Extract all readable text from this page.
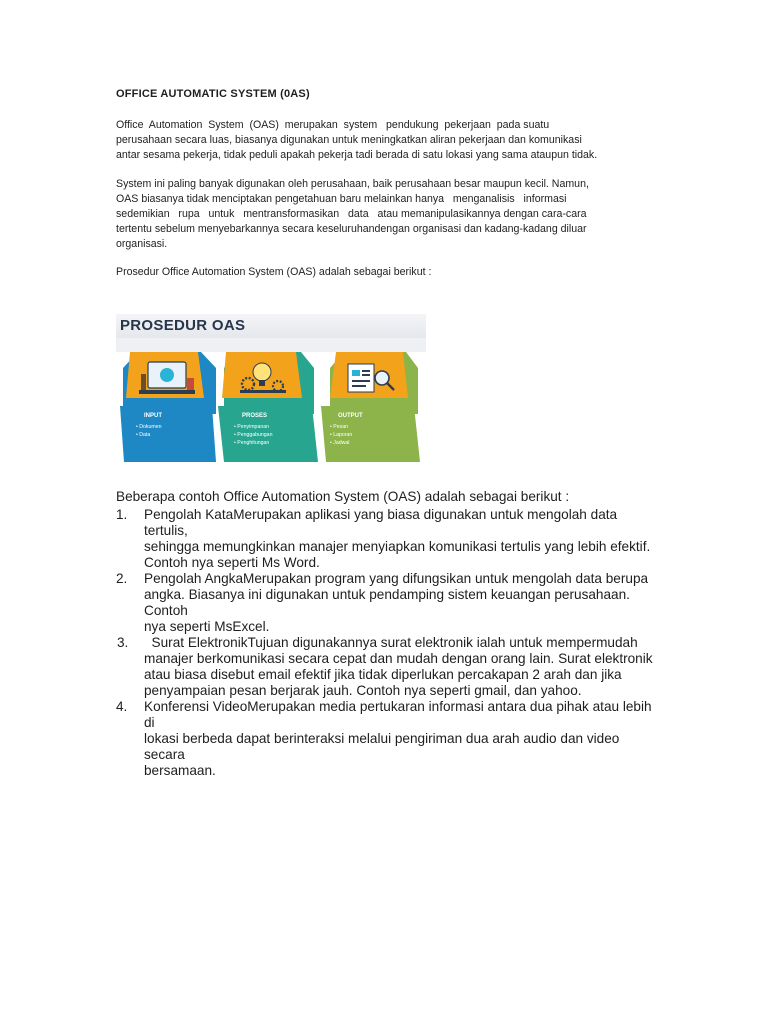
OFFICE AUTOMATIC SYSTEM (0AS)
Office  Automation  System  (OAS)  merupakan  system   pendukung  pekerjaan  pada suatu
perusahaan secara luas, biasanya digunakan untuk meningkatkan aliran pekerjaan dan komunikasi
antar sesama pekerja, tidak peduli apakah pekerja tadi berada di satu lokasi yang sama ataupun tidak.
System ini paling banyak digunakan oleh perusahaan, baik perusahaan besar maupun kecil. Namun,
OAS biasanya tidak menciptakan pengetahuan baru melainkan hanya   menganalisis   informasi
sedemikian   rupa   untuk   mentransformasikan   data   atau memanipulasikannya dengan cara-cara
tertentu sebelum menyebarkannya secara keseluruhandengan organisasi dan kadang-kadang diluar
organisasi.
Prosedur Office Automation System (OAS) adalah sebagai berikut :
PROSEDUR OAS
INPUT
• Dokumen
• Data
PROSES
• Penyimpanan
• Penggabungan
• Penghitungan
OUTPUT
• Pesan
• Laporan
• Jadwal
Beberapa contoh Office Automation System (OAS) adalah sebagai berikut :
1. Pengolah KataMerupakan aplikasi yang biasa digunakan untuk mengolah data tertulis,
sehingga memungkinkan manajer menyiapkan komunikasi tertulis yang lebih efektif.
Contoh nya seperti Ms Word.
2. Pengolah AngkaMerupakan program yang difungsikan untuk mengolah data berupa
angka. Biasanya ini digunakan untuk pendamping sistem keuangan perusahaan. Contoh
nya seperti MsExcel.
3. Surat ElektronikTujuan digunakannya surat elektronik ialah untuk mempermudah
manajer berkomunikasi secara cepat dan mudah dengan orang lain. Surat elektronik
atau biasa disebut email efektif jika tidak diperlukan percakapan 2 arah dan jika
penyampaian pesan berjarak jauh. Contoh nya seperti gmail, dan yahoo.
4. Konferensi VideoMerupakan media pertukaran informasi antara dua pihak atau lebih di
lokasi berbeda dapat berinteraksi melalui pengiriman dua arah audio dan video secara
bersamaan.
